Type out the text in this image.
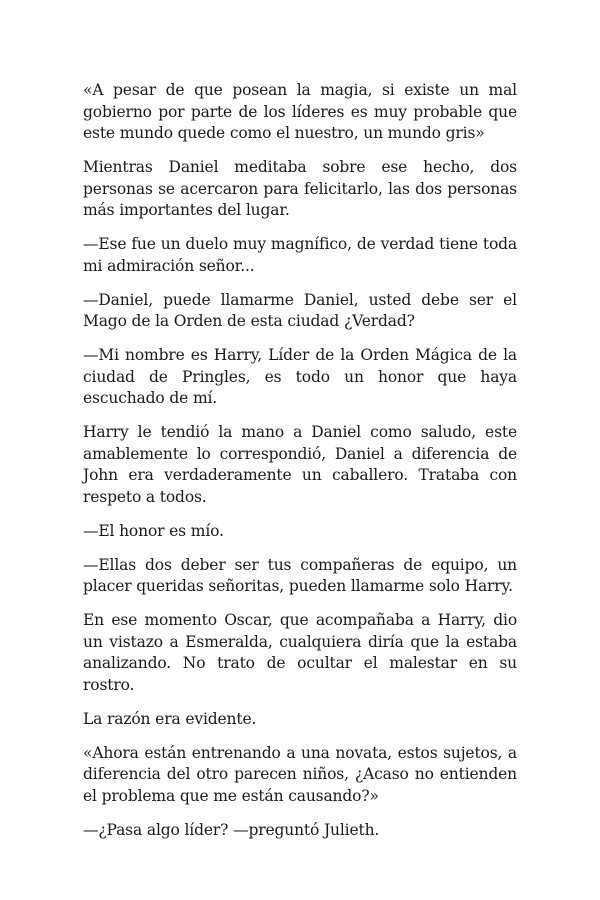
«A pesar de que posean la magia, si existe un mal gobierno por parte de los líderes es muy probable que este mundo quede como el nuestro, un mundo gris»

Mientras Daniel meditaba sobre ese hecho, dos personas se acercaron para felicitarlo, las dos personas más importantes del lugar.

—Ese fue un duelo muy magnífico, de verdad tiene toda mi admiración señor...

—Daniel, puede llamarme Daniel, usted debe ser el Mago de la Orden de esta ciudad ¿Verdad?

—Mi nombre es Harry, Líder de la Orden Mágica de la ciudad de Pringles, es todo un honor que haya escuchado de mí.

Harry le tendió la mano a Daniel como saludo, este amablemente lo correspondió, Daniel a diferencia de John era verdaderamente un caballero. Trataba con respeto a todos.

—El honor es mío.

—Ellas dos deber ser tus compañeras de equipo, un placer queridas señoritas, pueden llamarme solo Harry.

En ese momento Oscar, que acompañaba a Harry, dio un vistazo a Esmeralda, cualquiera diría que la estaba analizando. No trato de ocultar el malestar en su rostro.

La razón era evidente.

«Ahora están entrenando a una novata, estos sujetos, a diferencia del otro parecen niños, ¿Acaso no entienden el problema que me están causando?»

—¿Pasa algo líder? —preguntó Julieth.
